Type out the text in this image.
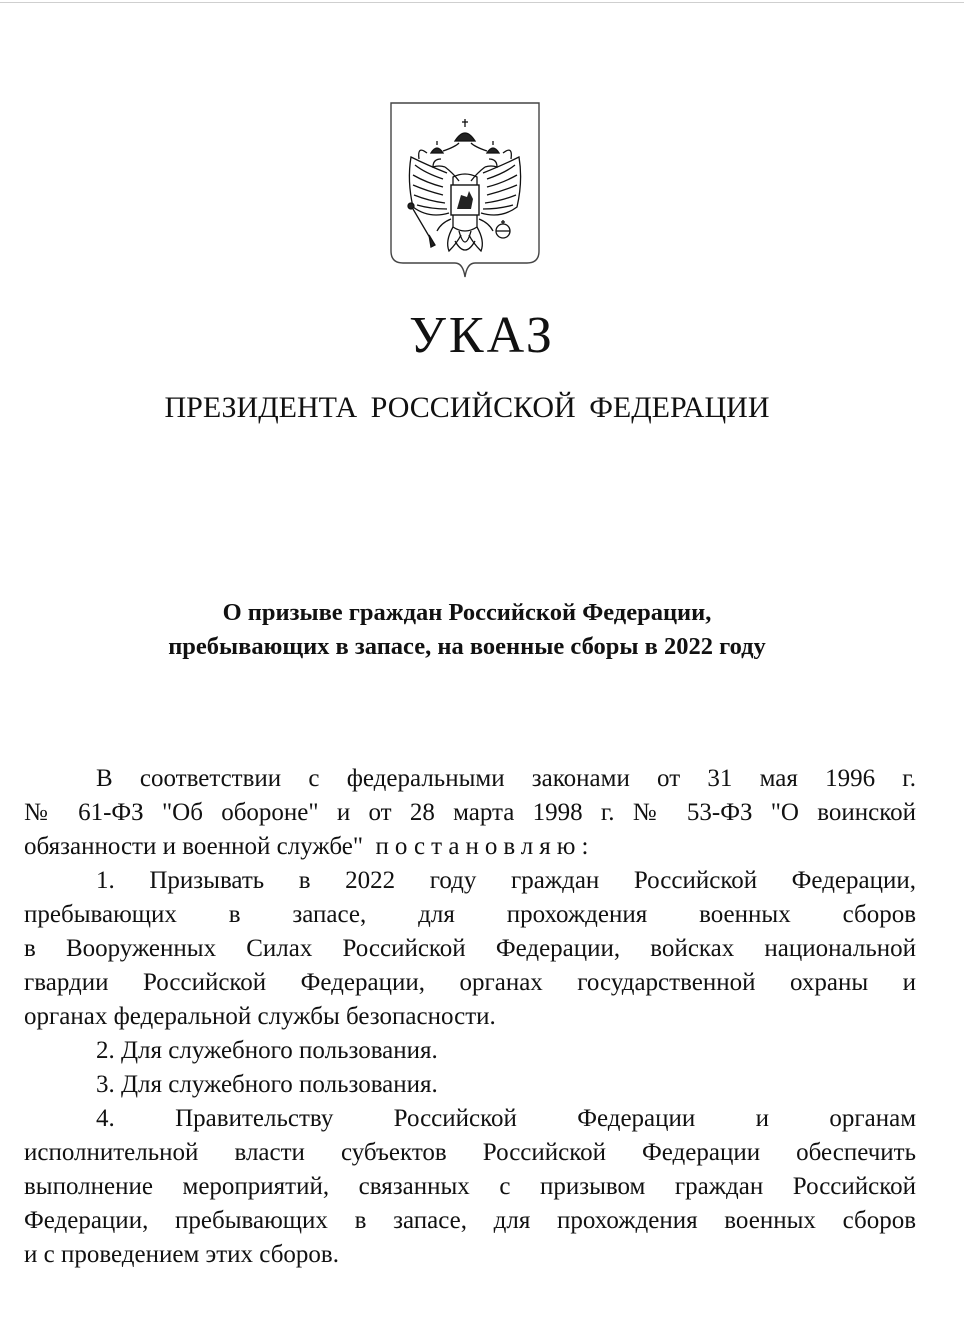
УКАЗ
ПРЕЗИДЕНТА РОССИЙСКОЙ ФЕДЕРАЦИИ
О призыве граждан Российской Федерации,
пребывающих в запасе, на военные сборы в 2022 году
В соответствии с федеральными законами от 31 мая 1996 г.
№ 61-ФЗ "Об обороне" и от 28 марта 1998 г. № 53-ФЗ "О воинской
обязанности и военной службе" постановляю:
1. Призывать в 2022 году граждан Российской Федерации,
пребывающих в запасе, для прохождения военных сборов
в Вооруженных Силах Российской Федерации, войсках национальной
гвардии Российской Федерации, органах государственной охраны и
органах федеральной службы безопасности.
2. Для служебного пользования.
3. Для служебного пользования.
4. Правительству Российской Федерации и органам
исполнительной власти субъектов Российской Федерации обеспечить
выполнение мероприятий, связанных с призывом граждан Российской
Федерации, пребывающих в запасе, для прохождения военных сборов
и с проведением этих сборов.
